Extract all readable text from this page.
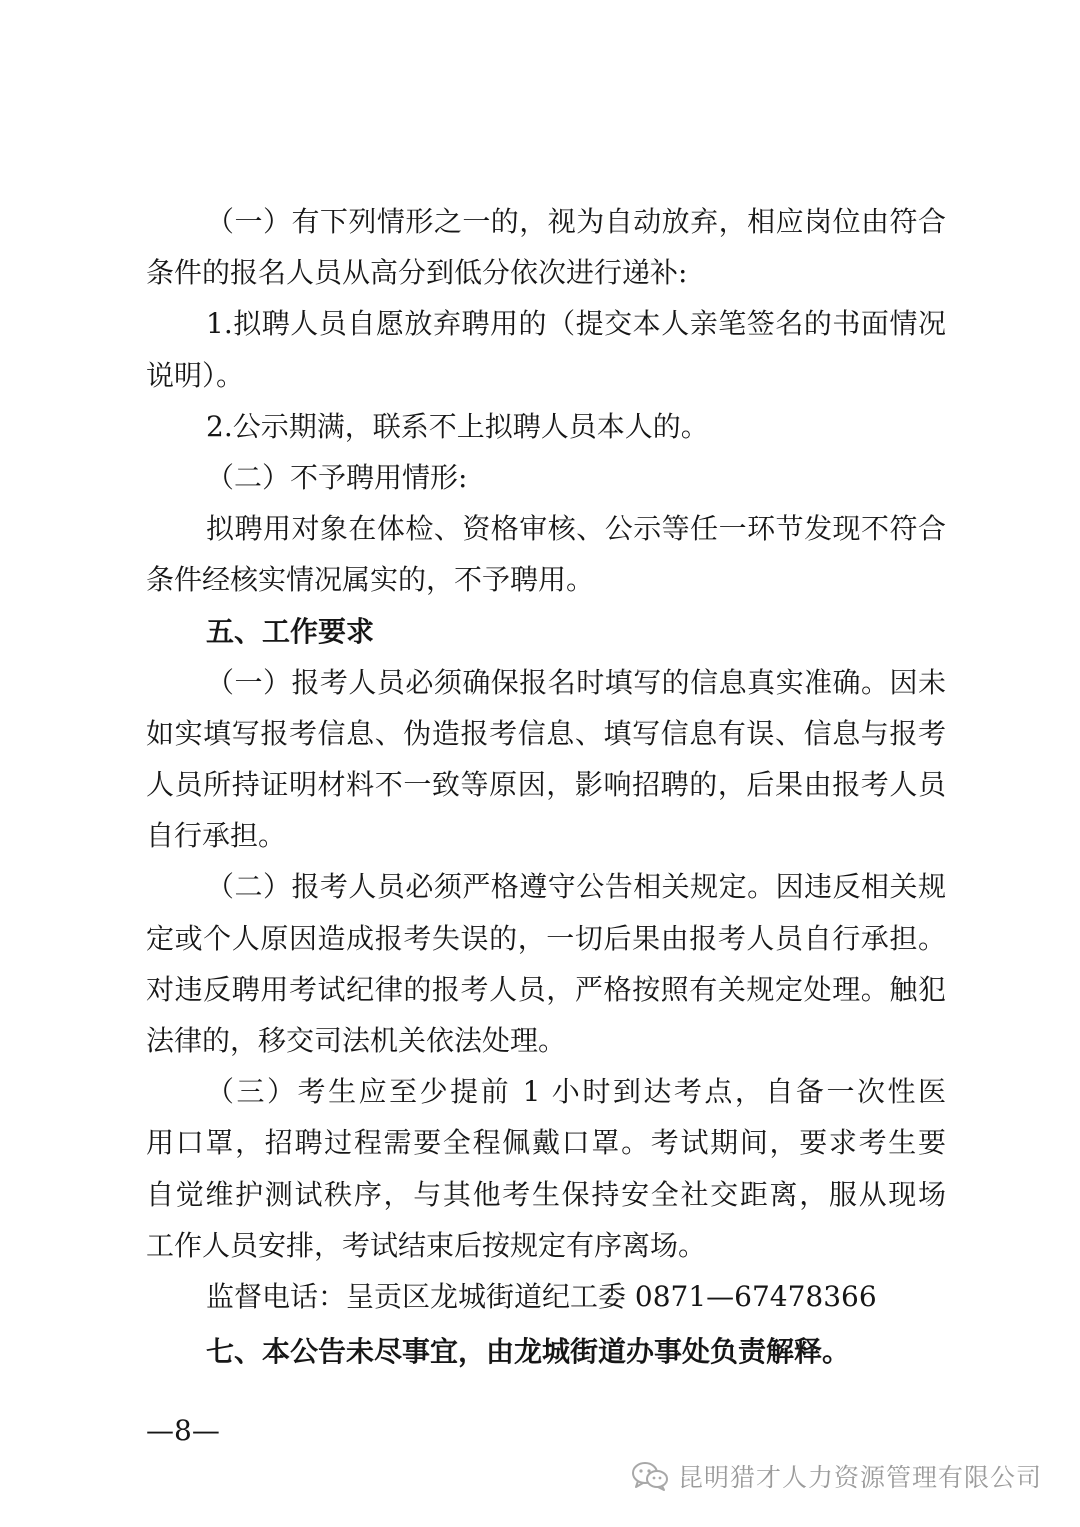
（一）有下列情形之一的，视为自动放弃，相应岗位由符合
条件的报名人员从高分到低分依次进行递补:
1.拟聘人员自愿放弃聘用的（提交本人亲笔签名的书面情况
说明）。
2.公示期满，联系不上拟聘人员本人的。
（二）不予聘用情形:
拟聘用对象在体检、资格审核、公示等任一环节发现不符合
条件经核实情况属实的，不予聘用。
五、工作要求
（一）报考人员必须确保报名时填写的信息真实准确。因未
如实填写报考信息、伪造报考信息、填写信息有误、信息与报考
人员所持证明材料不一致等原因，影响招聘的，后果由报考人员
自行承担。
（二）报考人员必须严格遵守公告相关规定。因违反相关规
定或个人原因造成报考失误的，一切后果由报考人员自行承担。
对违反聘用考试纪律的报考人员，严格按照有关规定处理。触犯
法律的，移交司法机关依法处理。
（三）考生应至少提前 1 小时到达考点，自备一次性医
用口罩，招聘过程需要全程佩戴口罩。考试期间，要求考生要
自觉维护测试秩序，与其他考生保持安全社交距离，服从现场
工作人员安排，考试结束后按规定有序离场。
监督电话：呈贡区龙城街道纪工委 0871—67478366
七、本公告未尽事宜，由龙城街道办事处负责解释。
—8—
昆明猎才人力资源管理有限公司
